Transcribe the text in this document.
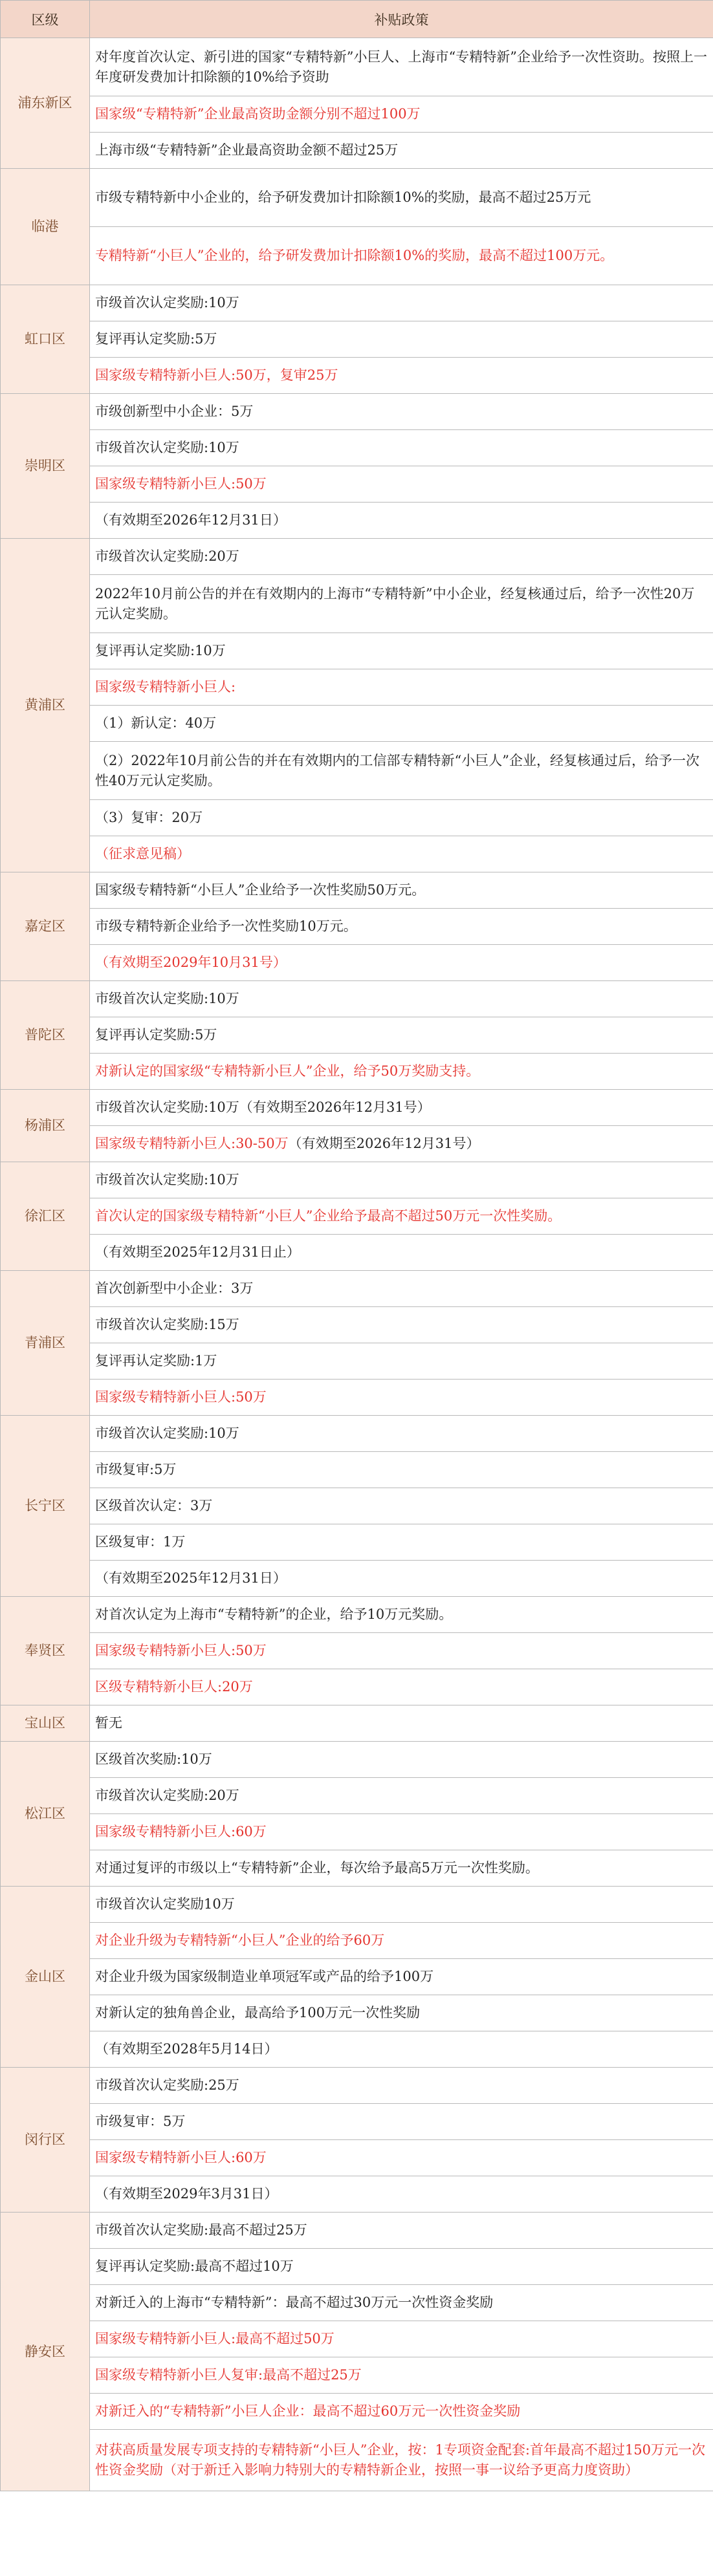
区级	补贴政策
浦东新区	对年度首次认定、新引进的国家“专精特新”小巨人、上海市“专精特新”企业给予一次性资助。按照上一年度研发费加计扣除额的10%给予资助
	国家级“专精特新”企业最高资助金额分别不超过100万
	上海市级“专精特新”企业最高资助金额不超过25万
临港	市级专精特新中小企业的，给予研发费加计扣除额10%的奖励，最高不超过25万元
	专精特新“小巨人”企业的，给予研发费加计扣除额10%的奖励，最高不超过100万元。
虹口区	市级首次认定奖励:10万
	复评再认定奖励:5万
	国家级专精特新小巨人:50万，复审25万
崇明区	市级创新型中小企业：5万
	市级首次认定奖励:10万
	国家级专精特新小巨人:50万
	（有效期至2026年12月31日）
黄浦区	市级首次认定奖励:20万
	2022年10月前公告的并在有效期内的上海市“专精特新”中小企业，经复核通过后，给予一次性20万元认定奖励。
	复评再认定奖励:10万
	国家级专精特新小巨人:
	（1）新认定：40万
	（2）2022年10月前公告的并在有效期内的工信部专精特新“小巨人”企业，经复核通过后，给予一次性40万元认定奖励。
	（3）复审：20万
	（征求意见稿）
嘉定区	国家级专精特新“小巨人”企业给予一次性奖励50万元。
	市级专精特新企业给予一次性奖励10万元。
	（有效期至2029年10月31号）
普陀区	市级首次认定奖励:10万
	复评再认定奖励:5万
	对新认定的国家级“专精特新小巨人”企业，给予50万奖励支持。
杨浦区	市级首次认定奖励:10万（有效期至2026年12月31号）
	国家级专精特新小巨人:30-50万（有效期至2026年12月31号）
徐汇区	市级首次认定奖励:10万
	首次认定的国家级专精特新“小巨人”企业给予最高不超过50万元一次性奖励。
	（有效期至2025年12月31日止）
青浦区	首次创新型中小企业：3万
	市级首次认定奖励:15万
	复评再认定奖励:1万
	国家级专精特新小巨人:50万
长宁区	市级首次认定奖励:10万
	市级复审:5万
	区级首次认定：3万
	区级复审：1万
	（有效期至2025年12月31日）
奉贤区	对首次认定为上海市“专精特新”的企业，给予10万元奖励。
	国家级专精特新小巨人:50万
	区级专精特新小巨人:20万
宝山区	暂无
松江区	区级首次奖励:10万
	市级首次认定奖励:20万
	国家级专精特新小巨人:60万
	对通过复评的市级以上“专精特新”企业，每次给予最高5万元一次性奖励。
金山区	市级首次认定奖励10万
	对企业升级为专精特新“小巨人”企业的给予60万
	对企业升级为国家级制造业单项冠军或产品的给予100万
	对新认定的独角兽企业，最高给予100万元一次性奖励
	（有效期至2028年5月14日）
闵行区	市级首次认定奖励:25万
	市级复审：5万
	国家级专精特新小巨人:60万
	（有效期至2029年3月31日）
静安区	市级首次认定奖励:最高不超过25万
	复评再认定奖励:最高不超过10万
	对新迁入的上海市“专精特新”：最高不超过30万元一次性资金奖励
	国家级专精特新小巨人:最高不超过50万
	国家级专精特新小巨人复审:最高不超过25万
	对新迁入的“专精特新”小巨人企业：最高不超过60万元一次性资金奖励
	对获高质量发展专项支持的专精特新“小巨人”企业，按：1专项资金配套:首年最高不超过150万元一次性资金奖励（对于新迁入影响力特别大的专精特新企业，按照一事一议给予更高力度资助）
